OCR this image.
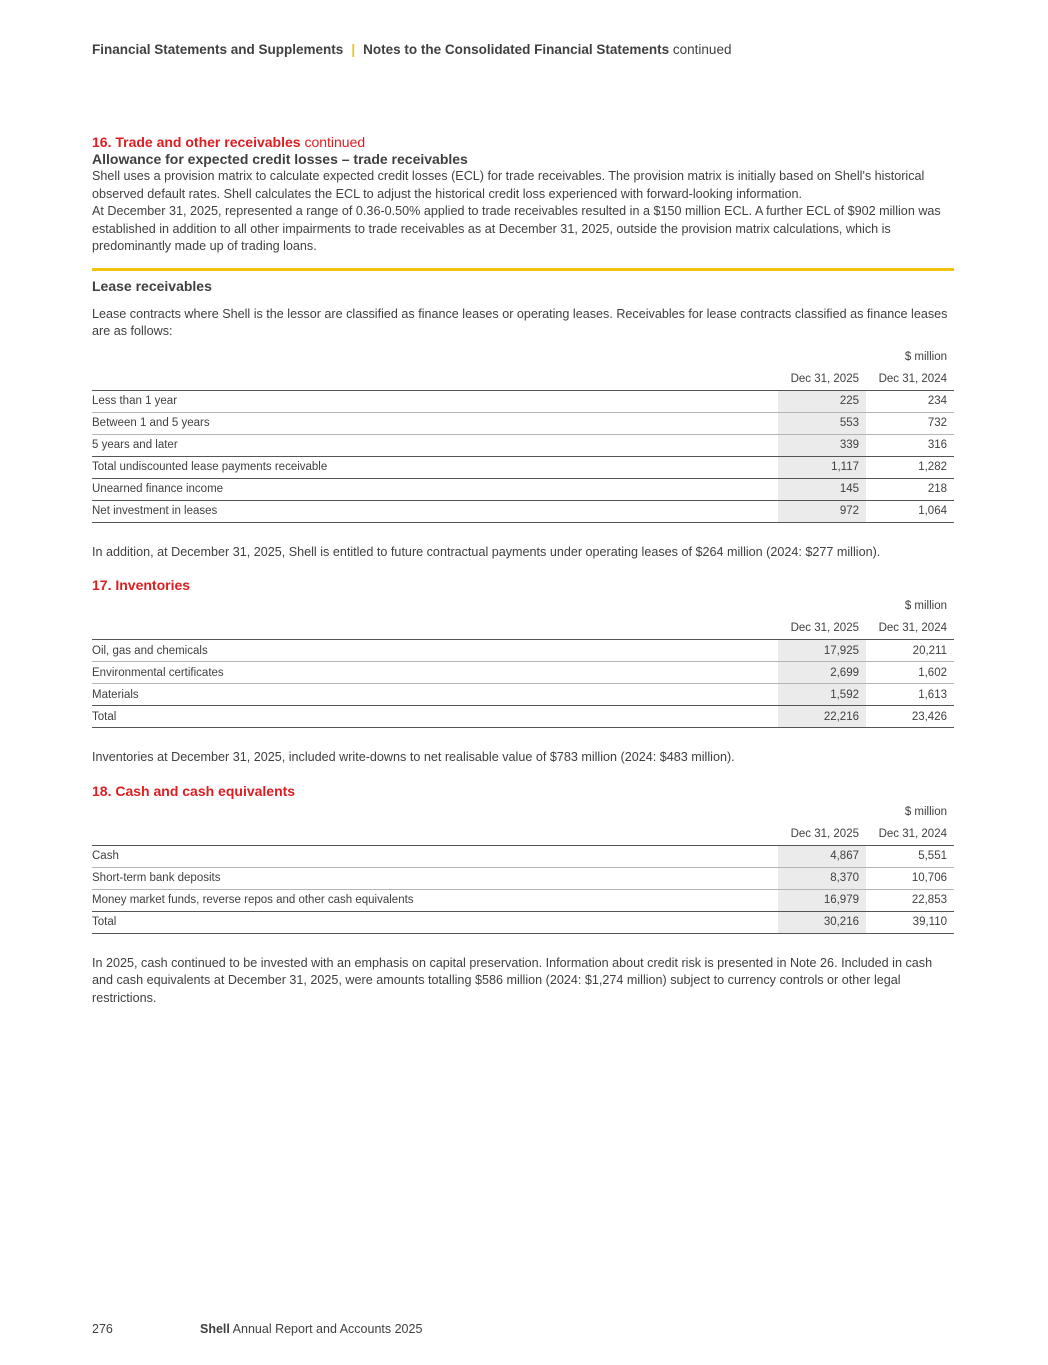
Financial Statements and Supplements | Notes to the Consolidated Financial Statements continued

16. Trade and other receivables continued

Allowance for expected credit losses – trade receivables

Shell uses a provision matrix to calculate expected credit losses (ECL) for trade receivables. The provision matrix is initially based on Shell's historical observed default rates. Shell calculates the ECL to adjust the historical credit loss experienced with forward-looking information.

At December 31, 2025, represented a range of 0.36-0.50% applied to trade receivables resulted in a $150 million ECL. A further ECL of $902 million was established in addition to all other impairments to trade receivables as at December 31, 2025, outside the provision matrix calculations, which is predominantly made up of trading loans.

Lease receivables

Lease contracts where Shell is the lessor are classified as finance leases or operating leases. Receivables for lease contracts classified as finance leases are as follows:

		$ million
	Dec 31, 2025	Dec 31, 2024
Less than 1 year	225	234
Between 1 and 5 years	553	732
5 years and later	339	316
Total undiscounted lease payments receivable	1,117	1,282
Unearned finance income	145	218
Net investment in leases	972	1,064

In addition, at December 31, 2025, Shell is entitled to future contractual payments under operating leases of $264 million (2024: $277 million).

17. Inventories

		$ million
	Dec 31, 2025	Dec 31, 2024
Oil, gas and chemicals	17,925	20,211
Environmental certificates	2,699	1,602
Materials	1,592	1,613
Total	22,216	23,426

Inventories at December 31, 2025, included write-downs to net realisable value of $783 million (2024: $483 million).

18. Cash and cash equivalents

		$ million
	Dec 31, 2025	Dec 31, 2024
Cash	4,867	5,551
Short-term bank deposits	8,370	10,706
Money market funds, reverse repos and other cash equivalents	16,979	22,853
Total	30,216	39,110

In 2025, cash continued to be invested with an emphasis on capital preservation. Information about credit risk is presented in Note 26. Included in cash and cash equivalents at December 31, 2025, were amounts totalling $586 million (2024: $1,274 million) subject to currency controls or other legal restrictions.

276	Shell Annual Report and Accounts 2025
